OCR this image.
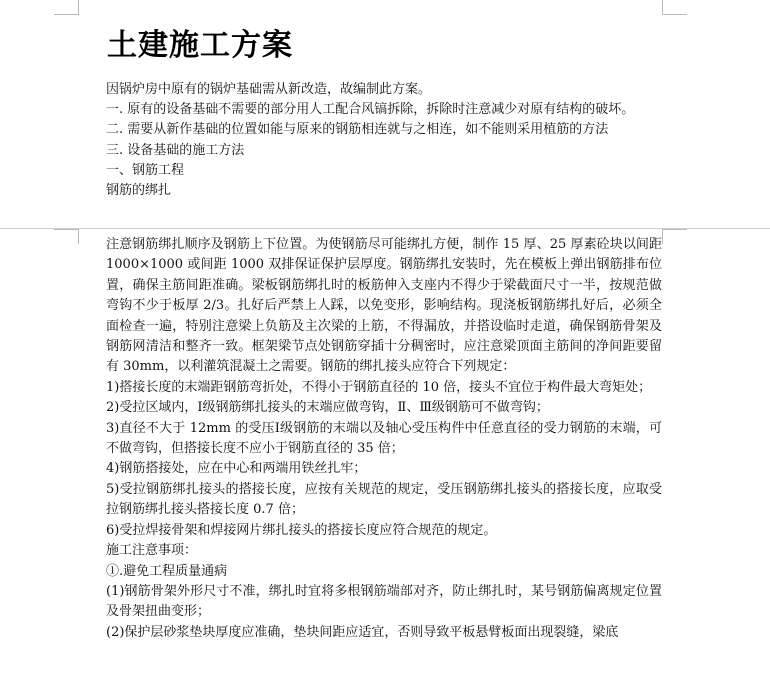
土建施工方案

因锅炉房中原有的锅炉基础需从新改造，故编制此方案。

一. 原有的设备基础不需要的部分用人工配合风镐拆除，拆除时注意减少对原有结构的破坏。

二. 需要从新作基础的位置如能与原来的钢筋相连就与之相连，如不能则采用植筋的方法

三. 设备基础的施工方法

一、钢筋工程

钢筋的绑扎

注意钢筋绑扎顺序及钢筋上下位置。为使钢筋尽可能绑扎方便，制作 15 厚、25 厚素砼块以间距 1000×1000 或间距 1000 双排保证保护层厚度。钢筋绑扎安装时，先在模板上弹出钢筋排布位置，确保主筋间距准确。梁板钢筋绑扎时的板筋伸入支座内不得少于梁截面尺寸一半，按规范做弯钩不少于板厚 2/3。扎好后严禁上人踩，以免变形，影响结构。现浇板钢筋绑扎好后，必须全面检查一遍，特别注意梁上负筋及主次梁的上筋，不得漏放，并搭设临时走道，确保钢筋骨架及钢筋网清洁和整齐一致。框架梁节点处钢筋穿插十分稠密时，应注意梁顶面主筋间的净间距要留有 30mm，以利灌筑混凝土之需要。钢筋的绑扎接头应符合下列规定：

1)搭接长度的末端距钢筋弯折处，不得小于钢筋直径的 10 倍，接头不宜位于构件最大弯矩处；

2)受拉区域内，Ⅰ级钢筋绑扎接头的末端应做弯钩，Ⅱ、Ⅲ级钢筋可不做弯钩；

3)直径不大于 12mm 的受压Ⅰ级钢筋的末端以及轴心受压构件中任意直径的受力钢筋的末端，可不做弯钩，但搭接长度不应小于钢筋直径的 35 倍；

4)钢筋搭接处，应在中心和两端用铁丝扎牢；

5)受拉钢筋绑扎接头的搭接长度，应按有关规范的规定，受压钢筋绑扎接头的搭接长度，应取受拉钢筋绑扎接头搭接长度 0.7 倍；

6)受拉焊接骨架和焊接网片绑扎接头的搭接长度应符合规范的规定。

施工注意事项：

①.避免工程质量通病

(1)钢筋骨架外形尺寸不准，绑扎时宜将多根钢筋端部对齐，防止绑扎时，某号钢筋偏离规定位置及骨架扭曲变形；

(2)保护层砂浆垫块厚度应准确，垫块间距应适宜，否则导致平板悬臂板面出现裂缝，梁底
